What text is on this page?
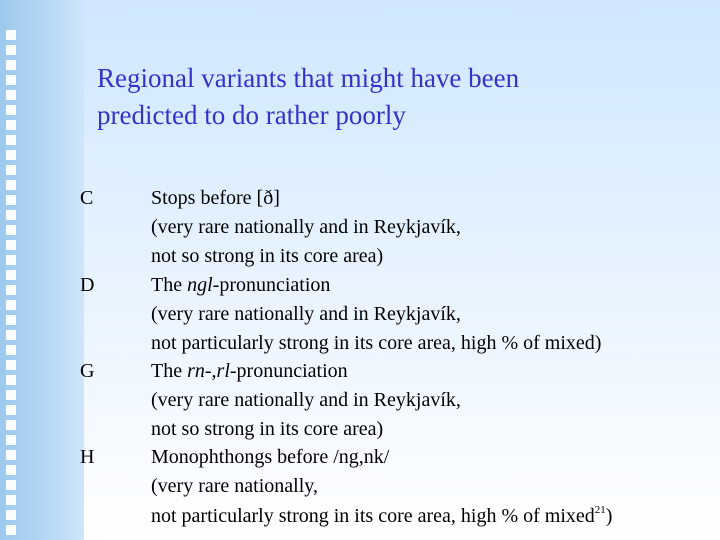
Regional variants that might have been
predicted to do rather poorly
C	Stops before [ð]
(very rare nationally and in Reykjavík,
not so strong in its core area)
D	The ngl-pronunciation
(very rare nationally and in Reykjavík,
not particularly strong in its core area, high % of mixed)
G	The rn-,rl-pronunciation
(very rare nationally and in Reykjavík,
not so strong in its core area)
H	Monophthongs before /ng,nk/
(very rare nationally,
not particularly strong in its core area, high % of mixed$^{21}$)
